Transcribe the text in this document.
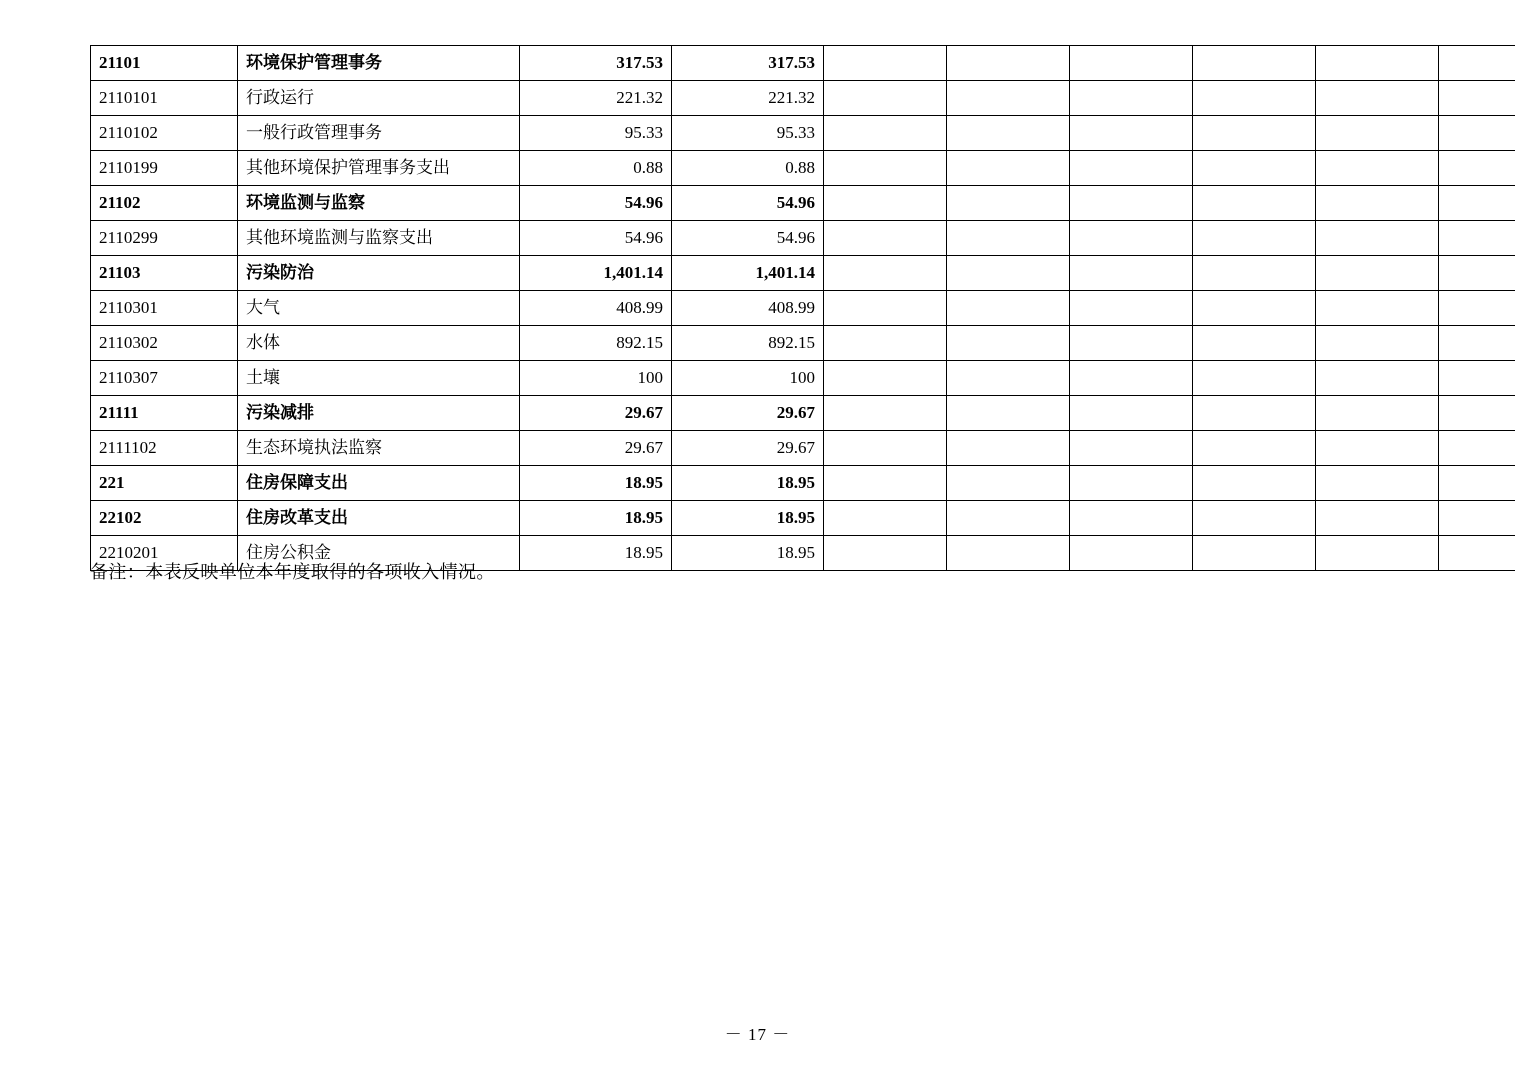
21101	环境保护管理事务	317.53	317.53						
2110101	行政运行	221.32	221.32						
2110102	一般行政管理事务	95.33	95.33						
2110199	其他环境保护管理事务支出	0.88	0.88						
21102	环境监测与监察	54.96	54.96						
2110299	其他环境监测与监察支出	54.96	54.96						
21103	污染防治	1,401.14	1,401.14						
2110301	大气	408.99	408.99						
2110302	水体	892.15	892.15						
2110307	土壤	100	100						
21111	污染减排	29.67	29.67						
2111102	生态环境执法监察	29.67	29.67						
221	住房保障支出	18.95	18.95						
22102	住房改革支出	18.95	18.95						
2210201	住房公积金	18.95	18.95						
备注：本表反映单位本年度取得的各项收入情况。
－ 17 －
